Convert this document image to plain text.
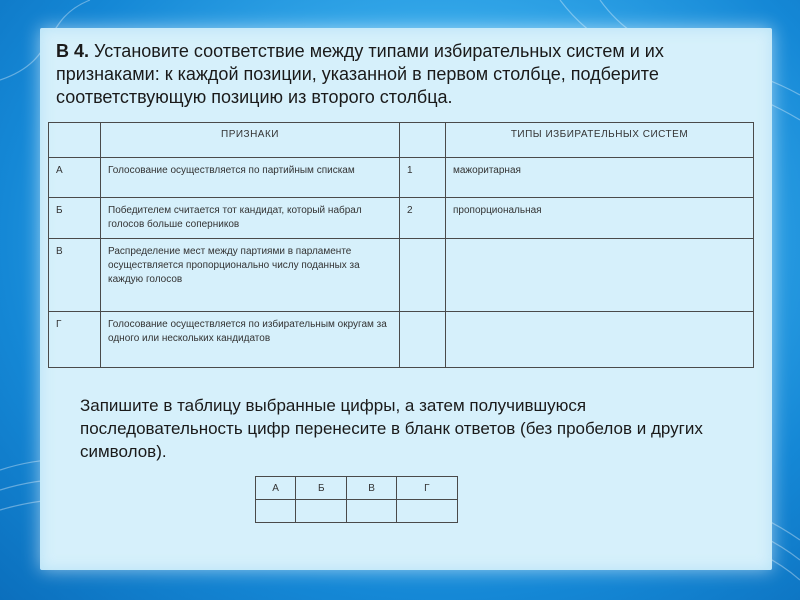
В 4. Установите соответствие между типами избирательных систем и их признаками: к каждой позиции, указанной в первом столбце, подберите соответствующую позицию из второго столбца.
	ПРИЗНАКИ		ТИПЫ ИЗБИРАТЕЛЬНЫХ СИСТЕМ
А	Голосование осуществляется по партийным спискам	1	мажоритарная
Б	Победителем считается тот кандидат, который набрал голосов больше соперников	2	пропорциональная
В	Распределение мест между партиями в парламенте осуществляется пропорционально числу поданных за каждую голосов		
Г	Голосование осуществляется по избирательным округам за одного или нескольких кандидатов		
Запишите в таблицу выбранные цифры, а затем получившуюся последовательность цифр перенесите в бланк ответов (без пробелов и других символов).
А	Б	В	Г
